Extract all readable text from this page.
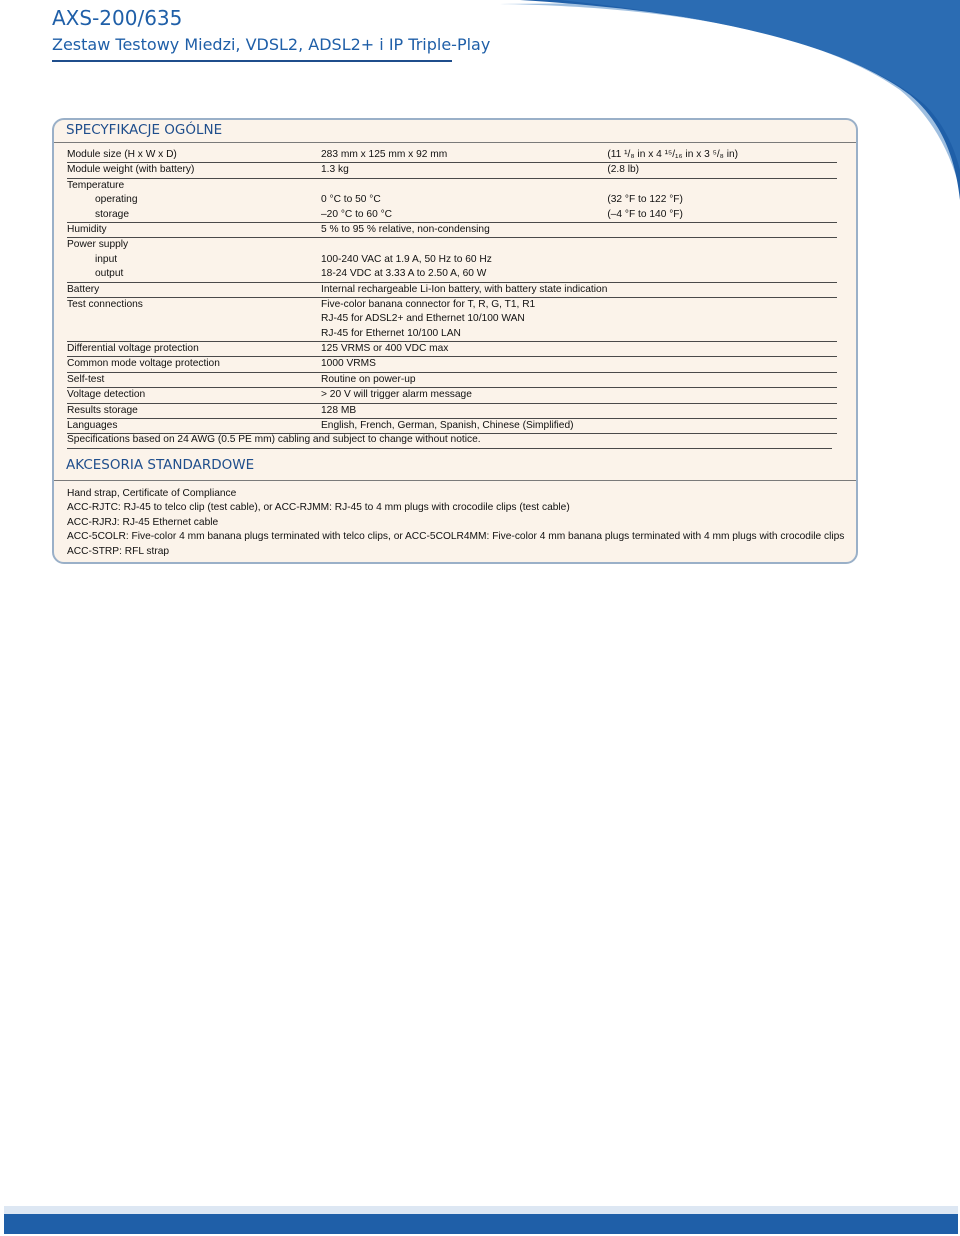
AXS-200/635
Zestaw Testowy Miedzi, VDSL2, ADSL2+ i IP Triple-Play
SPECYFIKACJE OGÓLNE
Module size (H x W x D)	283 mm x 125 mm x 92 mm	(11 ¹/₈ in x 4 ¹⁵/₁₆ in x 3 ⁵/₈ in)
Module weight (with battery)	1.3 kg	(2.8 lb)
Temperature		
operating	0 °C to 50 °C	(32 °F to 122 °F)
storage	–20 °C to 60 °C	(–4 °F to 140 °F)
Humidity	5 % to 95 % relative, non-condensing	
Power supply		
input	100-240 VAC at 1.9 A, 50 Hz to 60 Hz	
output	18-24 VDC at 3.33 A to 2.50 A, 60 W	
Battery	Internal rechargeable Li-Ion battery, with battery state indication	
Test connections	Five-color banana connector for T, R, G, T1, R1	
	RJ-45 for ADSL2+ and Ethernet 10/100 WAN	
	RJ-45 for Ethernet 10/100 LAN	
Differential voltage protection	125 VRMS or 400 VDC max	
Common mode voltage protection	1000 VRMS	
Self-test	Routine on power-up	
Voltage detection	> 20 V will trigger alarm message	
Results storage	128 MB	
Languages	English, French, German, Spanish, Chinese (Simplified)	
Specifications based on 24 AWG (0.5 PE mm) cabling and subject to change without notice.
AKCESORIA STANDARDOWE
Hand strap, Certificate of Compliance
ACC-RJTC: RJ-45 to telco clip (test cable), or ACC-RJMM: RJ-45 to 4 mm plugs with crocodile clips (test cable)
ACC-RJRJ: RJ-45 Ethernet cable
ACC-5COLR: Five-color 4 mm banana plugs terminated with telco clips, or ACC-5COLR4MM: Five-color 4 mm banana plugs terminated with 4 mm plugs with crocodile clips
ACC-STRP: RFL strap
